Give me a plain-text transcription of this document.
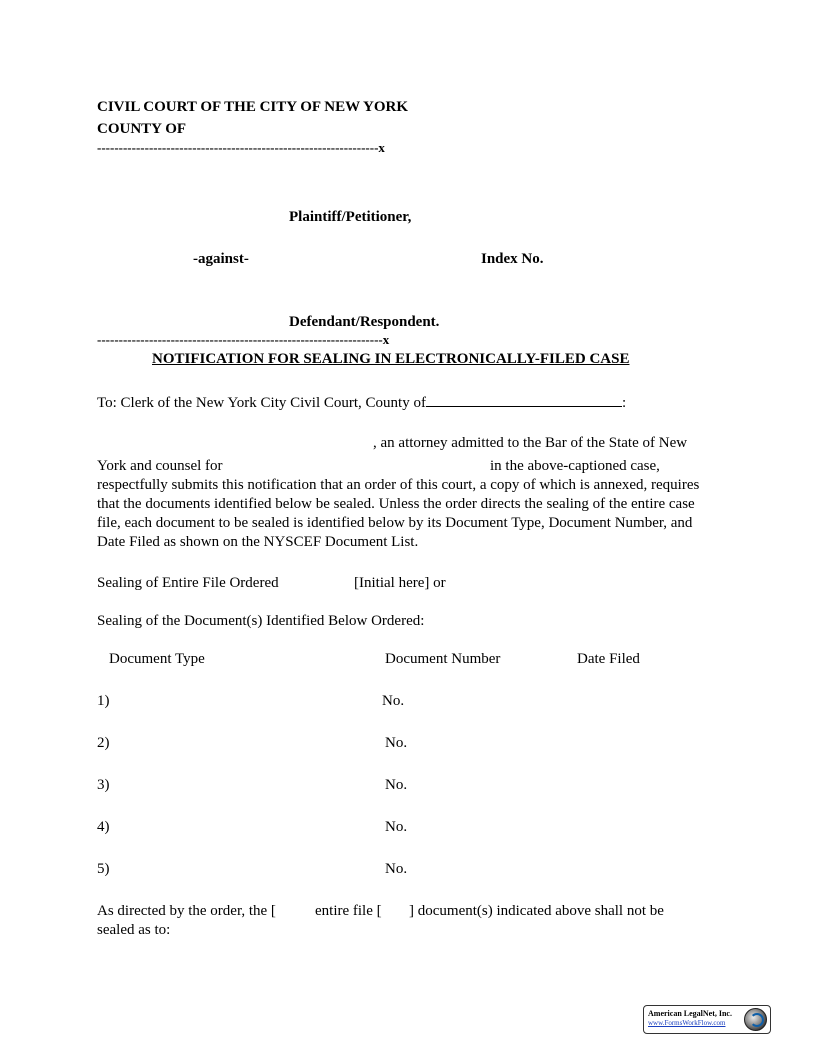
CIVIL COURT OF THE CITY OF NEW YORK
COUNTY OF
-----------------------------------------------------------------x
Plaintiff/Petitioner,
-against-	Index No.
Defendant/Respondent.
------------------------------------------------------------------x
NOTIFICATION FOR SEALING IN ELECTRONICALLY-FILED CASE
To: Clerk of the New York City Civil Court, County of	:
, an attorney admitted to the Bar of the State of New
York and counsel for	in the above-captioned case,
respectfully submits this notification that an order of this court, a copy of which is annexed, requires that the documents identified below be sealed. Unless the order directs the sealing of the entire case file, each document to be sealed is identified below by its Document Type, Document Number, and Date Filed as shown on the NYSCEF Document List.
Sealing of Entire File Ordered	[Initial here] or
Sealing of the Document(s) Identified Below Ordered:
Document Type	Document Number	Date Filed
1)	No.
2)	No.
3)	No.
4)	No.
5)	No.
As directed by the order, the [	entire file [ ] document(s) indicated above shall not be
sealed as to:
American LegalNet, Inc.
www.FormsWorkFlow.com
